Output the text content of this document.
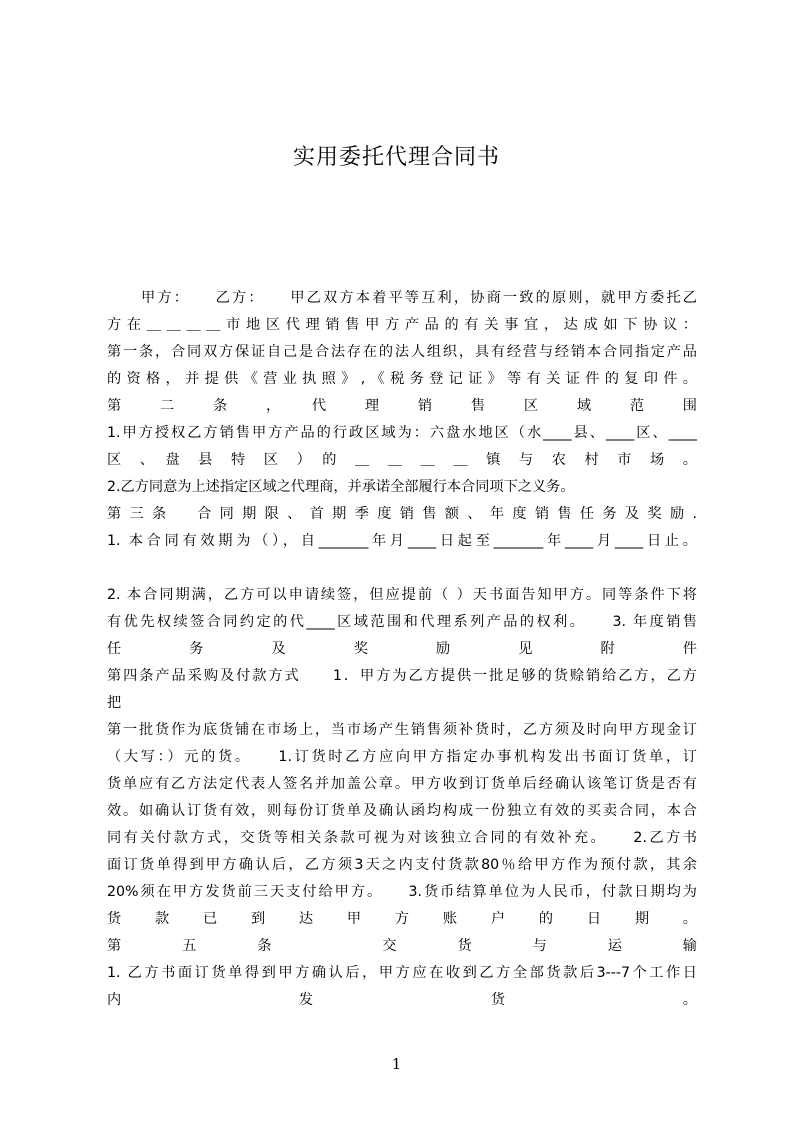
实用委托代理合同书
甲方：　　乙方：　　甲乙双方本着平等互利，协商一致的原则，就甲方委托乙
方在＿＿＿＿市地区代理销售甲方产品的有关事宜，达成如下协议：
第一条，合同双方保证自己是合法存在的法人组织，具有经营与经销本合同指定产品
的资格，并提供《营业执照》,《税务登记证》等有关证件的复印件。
第　二　条　，　代　理　销　售　区　域　范　围
1.甲方授权乙方销售甲方产品的行政区域为：六盘水地区（水____县、____区、____
区　、　盘　县　特　区　）　的　＿　＿　＿　＿　镇　与　农　村　市　场　。
2.乙方同意为上述指定区域之代理商，并承诺全部履行本合同项下之义务。
第三条　合同期限、首期季度销售额、年度销售任务及奖励.
1. 本合同有效期为（），自_______年月____日起至_______年____月____日止。
2. 本合同期满，乙方可以申请续签，但应提前（ ）天书面告知甲方。同等条件下将
有优先权续签合同约定的代____区域范围和代理系列产品的权利。　　3. 年度销售
任　　务　　及　　奖　　励　　见　　附　　件
第四条产品采购及付款方式　　1．甲方为乙方提供一批足够的货赊销给乙方，乙方
把
第一批货作为底货铺在市场上，当市场产生销售须补货时，乙方须及时向甲方现金订
（大写：）元的货。　　1.订货时乙方应向甲方指定办事机构发出书面订货单，订
货单应有乙方法定代表人签名并加盖公章。甲方收到订货单后经确认该笔订货是否有
效。如确认订货有效，则每份订货单及确认函均构成一份独立有效的买卖合同，本合
同有关付款方式，交货等相关条款可视为对该独立合同的有效补充。　　2.乙方书
面订货单得到甲方确认后，乙方须3天之内支付货款80％给甲方作为预付款，其余
20%须在甲方发货前三天支付给甲方。　　3.货币结算单位为人民币，付款日期均为
货　　款　　已　　到　　达　　甲　　方　　账　　户　　的　　日　　期　　。
第　　五　　条　　　　交　　货　　与　　运　　输
1. 乙方书面订货单得到甲方确认后，甲方应在收到乙方全部货款后3---7个工作日
内　　　　　　　　发　　　　　　　　货　　　　　　　　。
1
